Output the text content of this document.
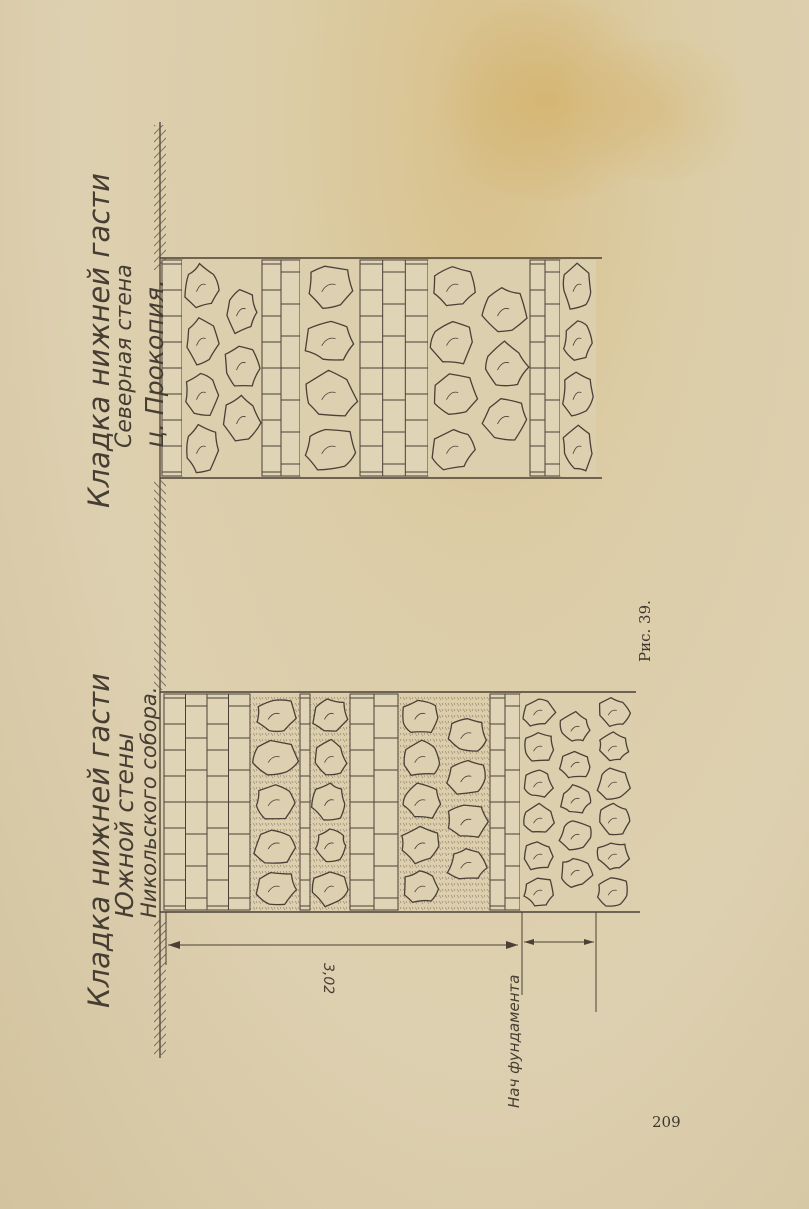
Кладка нижней гасти
Северная стена ц. Прокопия.
Кладка нижней гасти
Южной стены
Никольского собора.
3,02	Нач фундамента
Рис. 39.
209
